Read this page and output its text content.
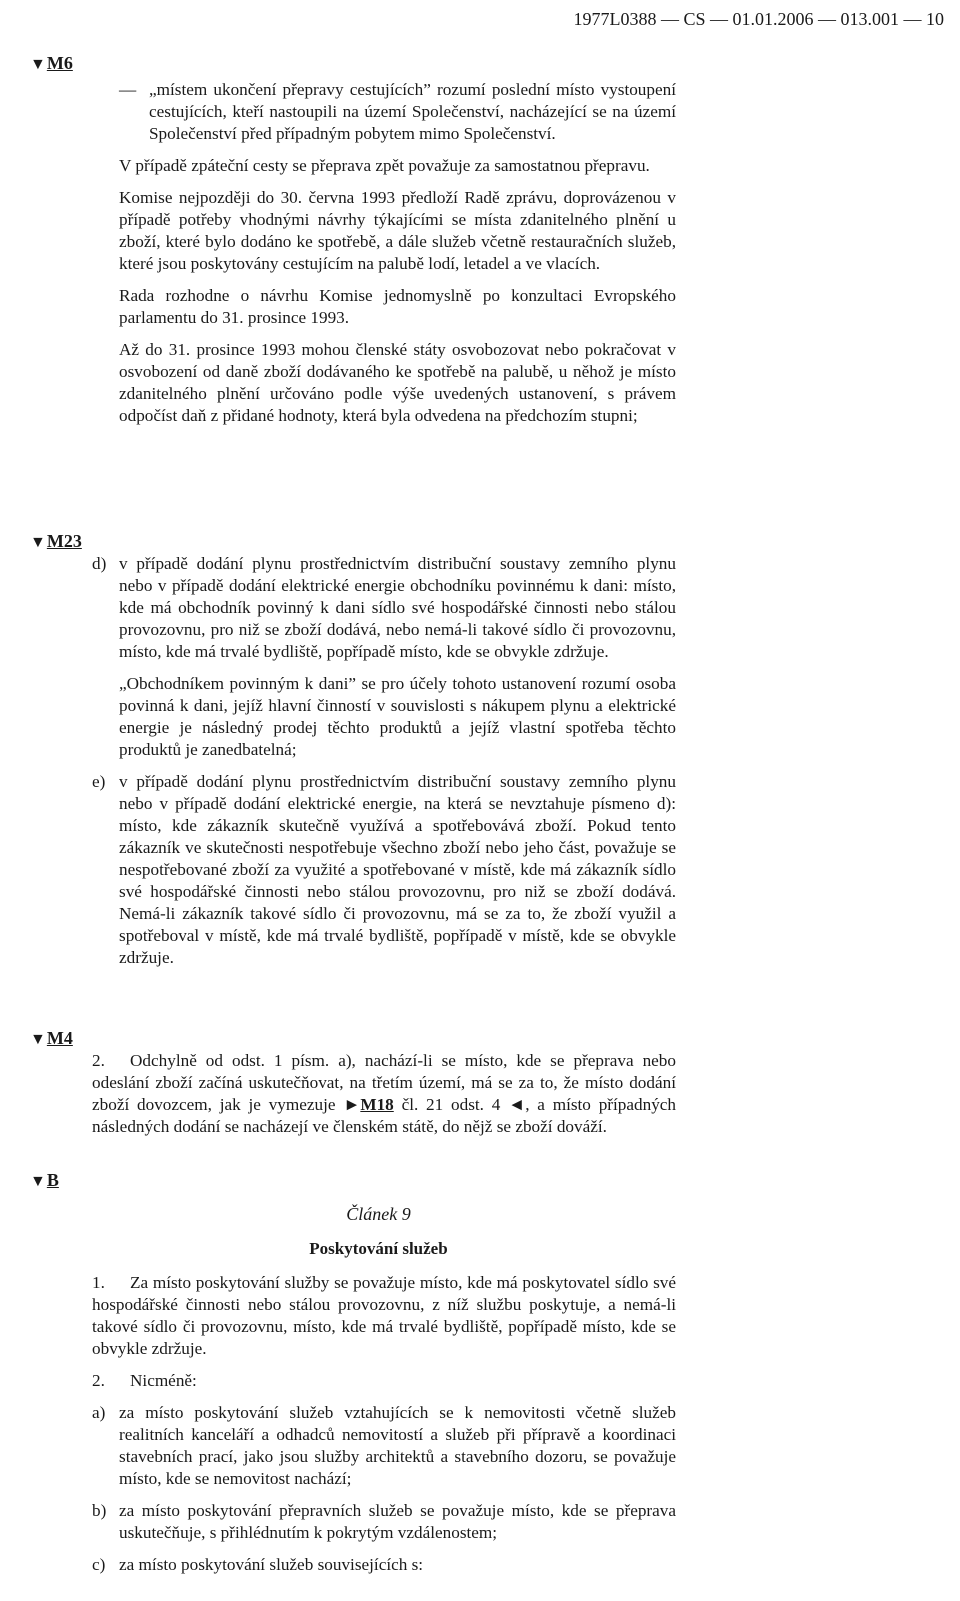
1977L0388 — CS — 01.01.2006 — 013.001 — 10
▼M6
— „místem ukončení přepravy cestujících” rozumí poslední místo vystoupení cestujících, kteří nastoupili na území Společenství, nacházející se na území Společenství před případným pobytem mimo Společenství.

V případě zpáteční cesty se přeprava zpět považuje za samostatnou přepravu.

Komise nejpozději do 30. června 1993 předloží Radě zprávu, doprovázenou v případě potřeby vhodnými návrhy týkajícími se místa zdanitelného plnění u zboží, které bylo dodáno ke spotřebě, a dále služeb včetně restauračních služeb, které jsou poskytovány cestujícím na palubě lodí, letadel a ve vlacích.

Rada rozhodne o návrhu Komise jednomyslně po konzultaci Evropského parlamentu do 31. prosince 1993.

Až do 31. prosince 1993 mohou členské státy osvobozovat nebo pokračovat v osvobození od daně zboží dodávaného ke spotřebě na palubě, u něhož je místo zdanitelného plnění určováno podle výše uvedených ustanovení, s právem odpočíst daň z přidané hodnoty, která byla odvedena na předchozím stupni;

▼M23
d) v případě dodání plynu prostřednictvím distribuční soustavy zemního plynu nebo v případě dodání elektrické energie obchodníku povinnému k dani: místo, kde má obchodník povinný k dani sídlo své hospodářské činnosti nebo stálou provozovnu, pro niž se zboží dodává, nebo nemá-li takové sídlo či provozovnu, místo, kde má trvalé bydliště, popřípadě místo, kde se obvykle zdržuje.

„Obchodníkem povinným k dani” se pro účely tohoto ustanovení rozumí osoba povinná k dani, jejíž hlavní činností v souvislosti s nákupem plynu a elektrické energie je následný prodej těchto produktů a jejíž vlastní spotřeba těchto produktů je zanedbatelná;

e) v případě dodání plynu prostřednictvím distribuční soustavy zemního plynu nebo v případě dodání elektrické energie, na která se nevztahuje písmeno d): místo, kde zákazník skutečně využívá a spotřebovává zboží. Pokud tento zákazník ve skutečnosti nespotřebuje všechno zboží nebo jeho část, považuje se nespotřebované zboží za využité a spotřebované v místě, kde má zákazník sídlo své hospodářské činnosti nebo stálou provozovnu, pro niž se zboží dodává. Nemá-li zákazník takové sídlo či provozovnu, má se za to, že zboží využil a spotřeboval v místě, kde má trvalé bydliště, popřípadě v místě, kde se obvykle zdržuje.

▼M4

2. Odchylně od odst. 1 písm. a), nachází-li se místo, kde se přeprava nebo odeslání zboží začíná uskutečňovat, na třetím území, má se za to, že místo dodání zboží dovozcem, jak je vymezuje ►M18 čl. 21 odst. 4 ◄, a místo případných následných dodání se nacházejí ve členském státě, do nějž se zboží dováží.

▼B
Článek 9
Poskytování služeb

1. Za místo poskytování služby se považuje místo, kde má poskytovatel sídlo své hospodářské činnosti nebo stálou provozovnu, z níž službu poskytuje, a nemá-li takové sídlo či provozovnu, místo, kde má trvalé bydliště, popřípadě místo, kde se obvykle zdržuje.

2. Nicméně:

a) za místo poskytování služeb vztahujících se k nemovitosti včetně služeb realitních kanceláří a odhadců nemovitostí a služeb při přípravě a koordinaci stavebních prací, jako jsou služby architektů a stavebního dozoru, se považuje místo, kde se nemovitost nachází;

b) za místo poskytování přepravních služeb se považuje místo, kde se přeprava uskutečňuje, s přihlédnutím k pokrytým vzdálenostem;

c) za místo poskytování služeb souvisejících s:
